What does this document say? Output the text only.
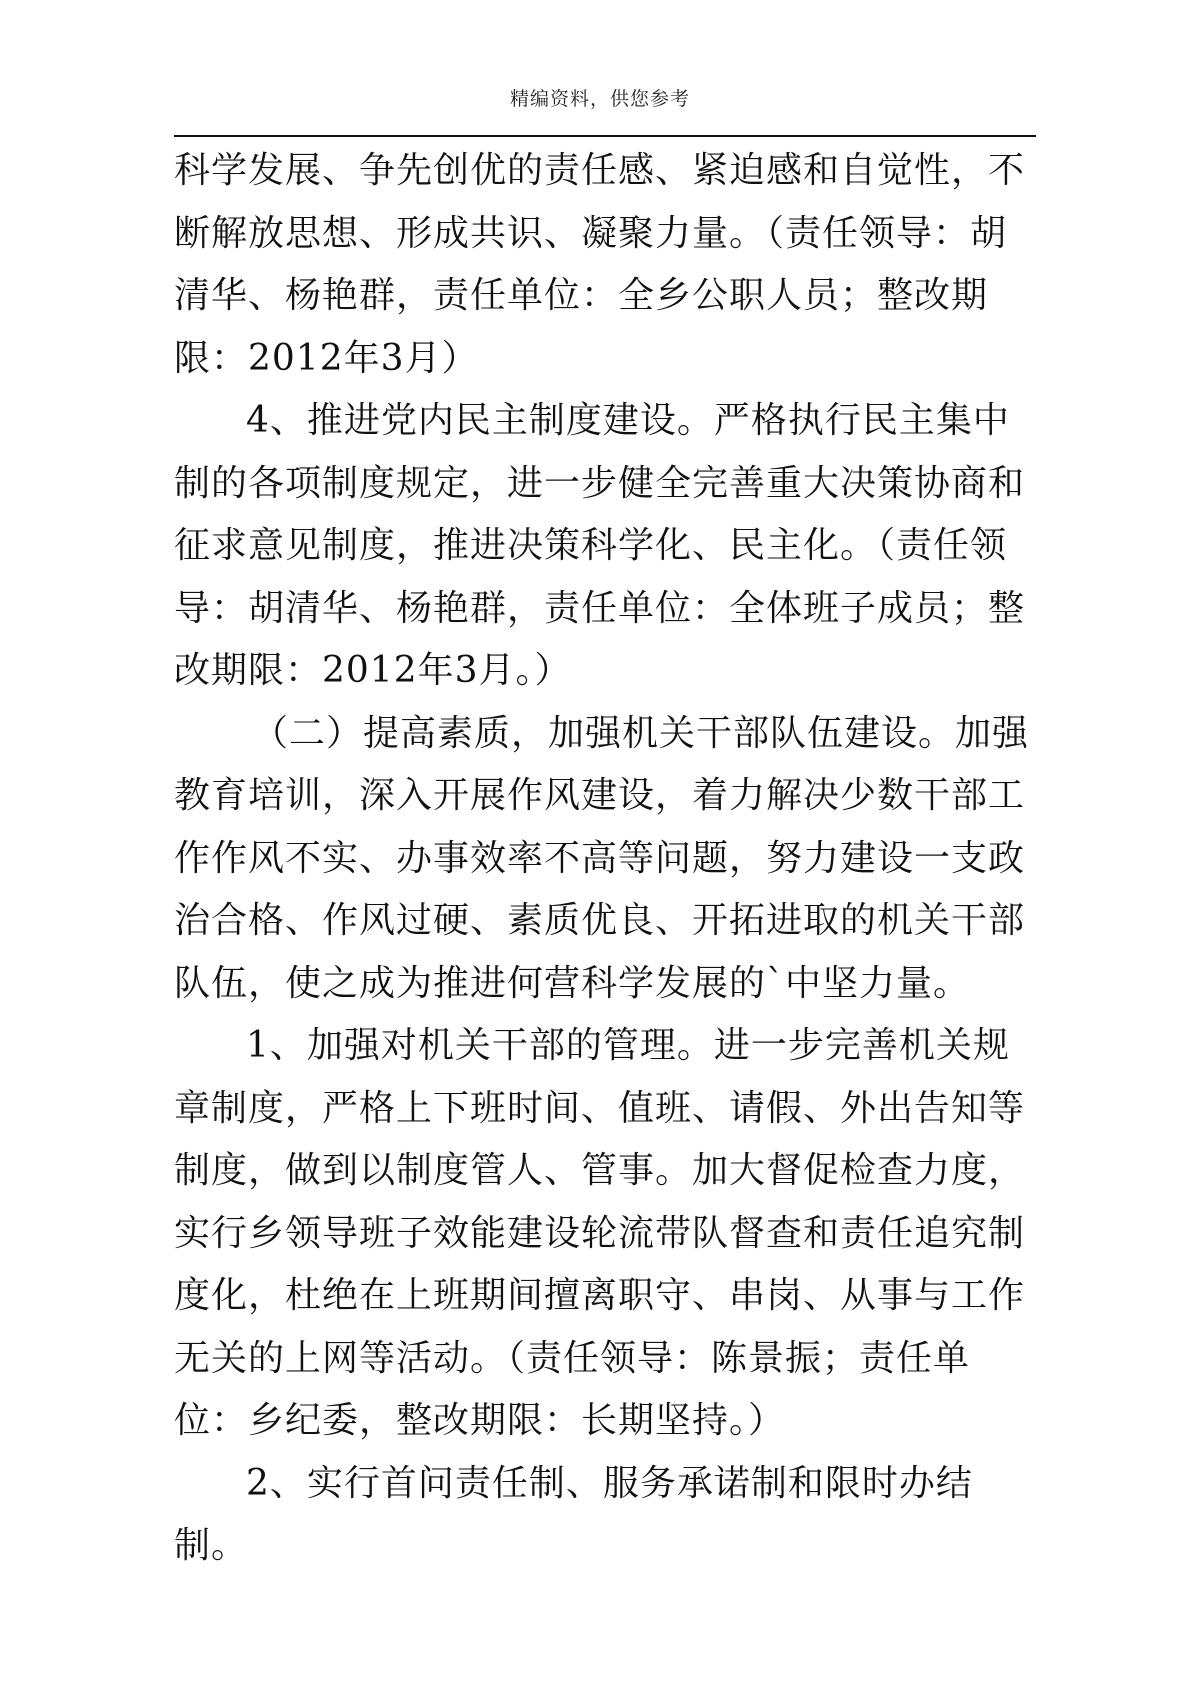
精编资料，供您参考

科学发展、争先创优的责任感、紧迫感和自觉性，不断解放思想、形成共识、凝聚力量。（责任领导：胡清华、杨艳群，责任单位：全乡公职人员；整改期限：2012年3月）

4、推进党内民主制度建设。严格执行民主集中制的各项制度规定，进一步健全完善重大决策协商和征求意见制度，推进决策科学化、民主化。（责任领导：胡清华、杨艳群，责任单位：全体班子成员；整改期限：2012年3月。）

（二）提高素质，加强机关干部队伍建设。加强教育培训，深入开展作风建设，着力解决少数干部工作作风不实、办事效率不高等问题，努力建设一支政治合格、作风过硬、素质优良、开拓进取的机关干部队伍，使之成为推进何营科学发展的`中坚力量。

1、加强对机关干部的管理。进一步完善机关规章制度，严格上下班时间、值班、请假、外出告知等制度，做到以制度管人、管事。加大督促检查力度，实行乡领导班子效能建设轮流带队督查和责任追究制度化，杜绝在上班期间擅离职守、串岗、从事与工作无关的上网等活动。（责任领导：陈景振；责任单位：乡纪委，整改期限：长期坚持。）

2、实行首问责任制、服务承诺制和限时办结制。
